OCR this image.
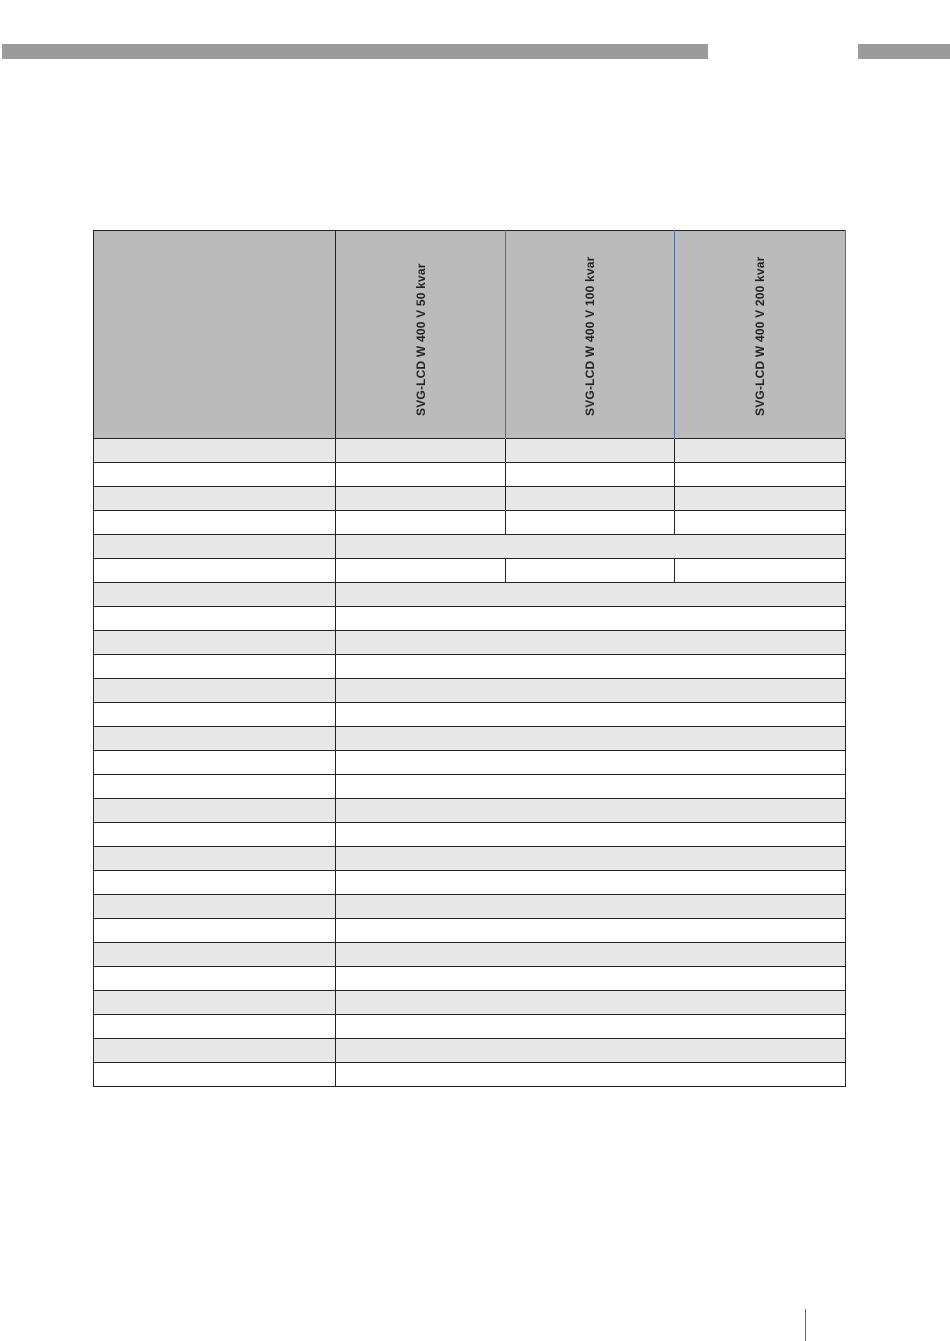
	SVG-LCD W 400 V 50 kvar	SVG-LCD W 400 V 100 kvar	SVG-LCD W 400 V 200 kvar
